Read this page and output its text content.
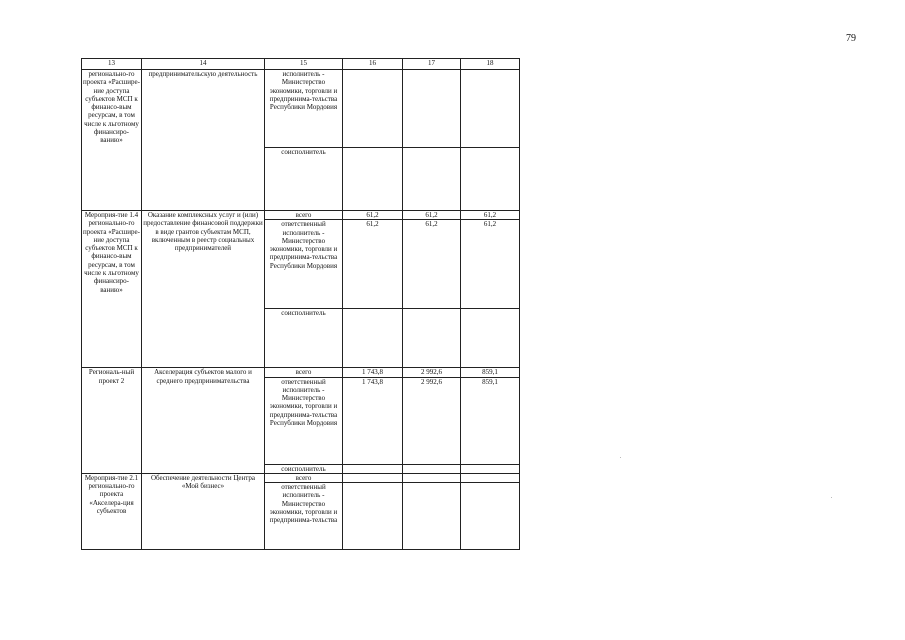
79
13	14	15	16	17	18
регионально-го проекта «Расшире-ние доступа субъектов МСП к финансо-вым ресурсам, в том числе к льготному финансиро-ванию»	предпринимательскую деятельность	исполнитель - Министерство экономики, торговли и предпринима-тельства Республики Мордовия			
		соисполнитель			
Мероприя-тие 1.4 регионально-го проекта «Расшире-ние доступа субъектов МСП к финансо-вым ресурсам, в том числе к льготному финансиро-ванию»	Оказание комплексных услуг и (или) предоставление финансовой поддержки в виде грантов субъектам МСП, включенным в реестр социальных предпринимателей	всего	61,2	61,2	61,2
		ответственный исполнитель - Министерство экономики, торговли и предпринима-тельства Республики Мордовия	61,2	61,2	61,2
		соисполнитель			
Региональ-ный проект 2	Акселерация субъектов малого и среднего предпринимательства	всего	1 743,8	2 992,6	859,1
		ответственный исполнитель - Министерство экономики, торговли и предпринима-тельства Республики Мордовия	1 743,8	2 992,6	859,1
		соисполнитель			
Мероприя-тие 2.1 регионально-го проекта «Акселера-ция субъектов	Обеспечение деятельности Центра «Мой бизнес»	всего			
		ответственный исполнитель - Министерство экономики, торговли и предпринима-тельства			
